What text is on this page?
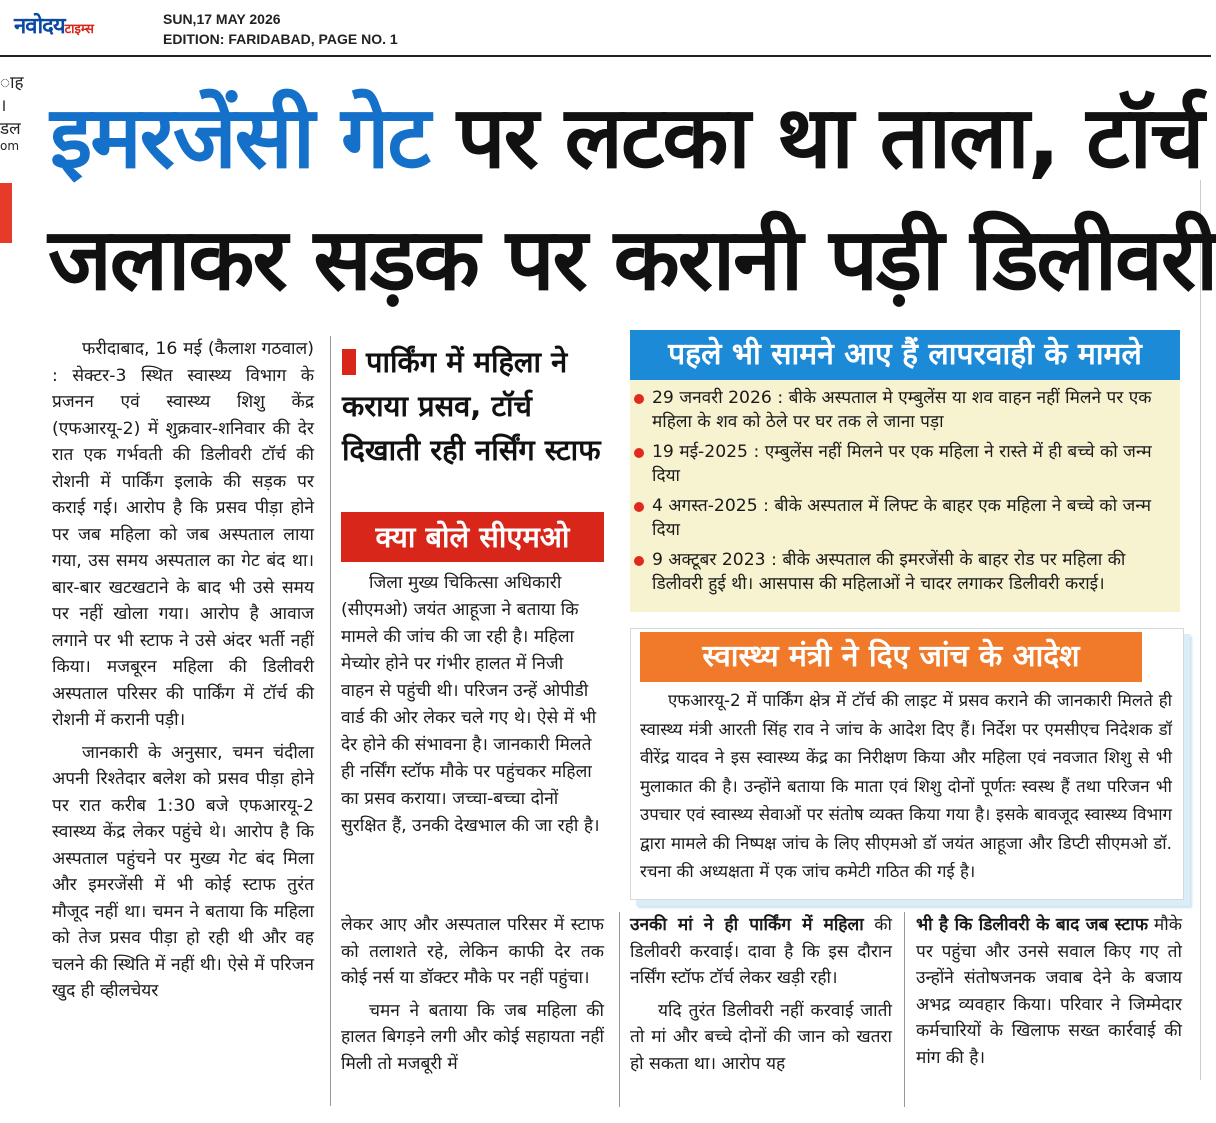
नवोदयटाइम्स
SUN,17 MAY 2026
EDITION: FARIDABAD, PAGE NO. 1
ाह
।
डल
om इमरजेंसी गेट पर लटका था ताला, टॉर्च
जलाकर सड़क पर करानी पड़ी डिलीवरी

फरीदाबाद, 16 मई (कैलाश गठवाल) : सेक्टर-3 स्थित स्वास्थ्य विभाग के प्रजनन एवं स्वास्थ्य शिशु केंद्र (एफआरयू-2) में शुक्रवार-शनिवार की देर रात एक गर्भवती की डिलीवरी टॉर्च की रोशनी में पार्किंग इलाके की सड़क पर कराई गई। आरोप है कि प्रसव पीड़ा होने पर जब महिला को जब अस्पताल लाया गया, उस समय अस्पताल का गेट बंद था। बार-बार खटखटाने के बाद भी उसे समय पर नहीं खोला गया। आरोप है आवाज लगाने पर भी स्टाफ ने उसे अंदर भर्ती नहीं किया। मजबूरन महिला की डिलीवरी अस्पताल परिसर की पार्किंग में टॉर्च की रोशनी में करानी पड़ी।

जानकारी के अनुसार, चमन चंदीला अपनी रिश्तेदार बलेश को प्रसव पीड़ा होने पर रात करीब 1:30 बजे एफआरयू-2 स्वास्थ्य केंद्र लेकर पहुंचे थे। आरोप है कि अस्पताल पहुंचने पर मुख्य गेट बंद मिला और इमरजेंसी में भी कोई स्टाफ तुरंत मौजूद नहीं था। चमन ने बताया कि महिला को तेज प्रसव पीड़ा हो रही थी और वह चलने की स्थिति में नहीं थी। ऐसे में परिजन खुद ही व्हीलचेयर

पार्किंग में महिला ने कराया प्रसव, टॉर्च दिखाती रही नर्सिंग स्टाफ
क्या बोले सीएमओ

जिला मुख्य चिकित्सा अधिकारी (सीएमओ) जयंत आहूजा ने बताया कि मामले की जांच की जा रही है। महिला मेच्योर होने पर गंभीर हालत में निजी वाहन से पहुंची थी। परिजन उन्हें ओपीडी वार्ड की ओर लेकर चले गए थे। ऐसे में भी देर होने की संभावना है। जानकारी मिलते ही नर्सिंग स्टॉफ मौके पर पहुंचकर महिला का प्रसव कराया। जच्चा-बच्चा दोनों सुरक्षित हैं, उनकी देखभाल की जा रही है।

लेकर आए और अस्पताल परिसर में स्टाफ को तलाशते रहे, लेकिन काफी देर तक कोई नर्स या डॉक्टर मौके पर नहीं पहुंचा।

चमन ने बताया कि जब महिला की हालत बिगड़ने लगी और कोई सहायता नहीं मिली तो मजबूरी में

पहले भी सामने आए हैं लापरवाही के मामले
29 जनवरी 2026 : बीके अस्पताल मे एम्बुलेंस या शव वाहन नहीं मिलने पर एक महिला के शव को ठेले पर घर तक ले जाना पड़ा
19 मई-2025 : एम्बुलेंस नहीं मिलने पर एक महिला ने रास्ते में ही बच्चे को जन्म दिया
4 अगस्त-2025 : बीके अस्पताल में लिफ्ट के बाहर एक महिला ने बच्चे को जन्म दिया
9 अक्टूबर 2023 : बीके अस्पताल की इमरजेंसी के बाहर रोड पर महिला की डिलीवरी हुई थी। आसपास की महिलाओं ने चादर लगाकर डिलीवरी कराई।
स्वास्थ्य मंत्री ने दिए जांच के आदेश

एफआरयू-2 में पार्किंग क्षेत्र में टॉर्च की लाइट में प्रसव कराने की जानकारी मिलते ही स्वास्थ्य मंत्री आरती सिंह राव ने जांच के आदेश दिए हैं। निर्देश पर एमसीएच निदेशक डॉ वीरेंद्र यादव ने इस स्वास्थ्य केंद्र का निरीक्षण किया और महिला एवं नवजात शिशु से भी मुलाकात की है। उन्होंने बताया कि माता एवं शिशु दोनों पूर्णतः स्वस्थ हैं तथा परिजन भी उपचार एवं स्वास्थ्य सेवाओं पर संतोष व्यक्त किया गया है। इसके बावजूद स्वास्थ्य विभाग द्वारा मामले की निष्पक्ष जांच के लिए सीएमओ डॉ जयंत आहूजा और डिप्टी सीएमओ डॉ. रचना की अध्यक्षता में एक जांच कमेटी गठित की गई है।

उनकी मां ने ही पार्किंग में महिला की डिलीवरी करवाई। दावा है कि इस दौरान नर्सिंग स्टॉफ टॉर्च लेकर खड़ी रही।

यदि तुरंत डिलीवरी नहीं करवाई जाती तो मां और बच्चे दोनों की जान को खतरा हो सकता था। आरोप यह

भी है कि डिलीवरी के बाद जब स्टाफ मौके पर पहुंचा और उनसे सवाल किए गए तो उन्होंने संतोषजनक जवाब देने के बजाय अभद्र व्यवहार किया। परिवार ने जिम्मेदार कर्मचारियों के खिलाफ सख्त कार्रवाई की मांग की है।
